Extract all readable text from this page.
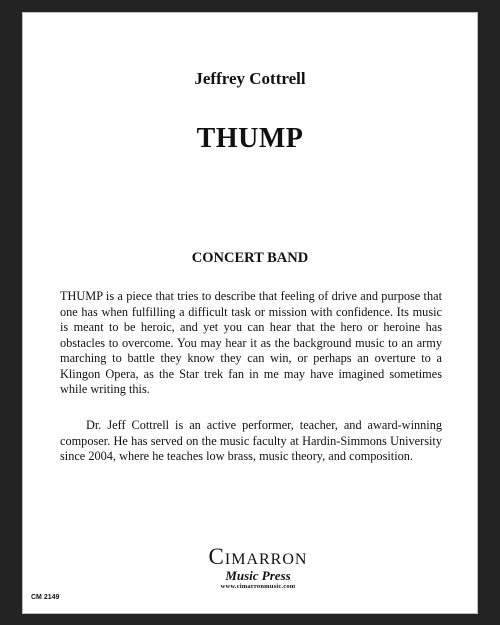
Jeffrey Cottrell
THUMP
CONCERT BAND

THUMP is a piece that tries to describe that feeling of drive and purpose that one has when fulfilling a difficult task or mission with confidence. Its music is meant to be heroic, and yet you can hear that the hero or heroine has obstacles to overcome. You may hear it as the background music to an army marching to battle they know they can win, or perhaps an overture to a Klingon Opera, as the Star trek fan in me may have imagined sometimes while writing this.

Dr. Jeff Cottrell is an active performer, teacher, and award-winning composer. He has served on the music faculty at Hardin-Simmons University since 2004, where he teaches low brass, music theory, and composition.

CM 2149
Cimarron
Music Press
www.cimarronmusic.com
